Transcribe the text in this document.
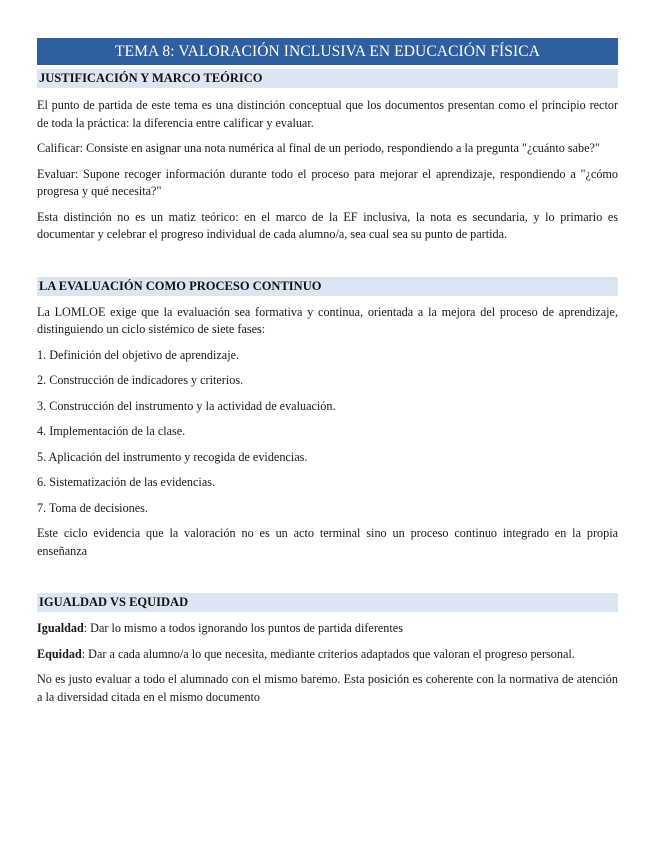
TEMA 8: VALORACIÓN INCLUSIVA EN EDUCACIÓN FÍSICA
JUSTIFICACIÓN Y MARCO TEÓRICO

El punto de partida de este tema es una distinción conceptual que los documentos presentan como el principio rector de toda la práctica: la diferencia entre calificar y evaluar.

Calificar: Consiste en asignar una nota numérica al final de un periodo, respondiendo a la pregunta "¿cuánto sabe?"

Evaluar: Supone recoger información durante todo el proceso para mejorar el aprendizaje, respondiendo a "¿cómo progresa y qué necesita?"

Esta distinción no es un matiz teórico: en el marco de la EF inclusiva, la nota es secundaria, y lo primario es documentar y celebrar el progreso individual de cada alumno/a, sea cual sea su punto de partida.

LA EVALUACIÓN COMO PROCESO CONTINUO

La LOMLOE exige que la evaluación sea formativa y continua, orientada a la mejora del proceso de aprendizaje, distinguiendo un ciclo sistémico de siete fases:

1. Definición del objetivo de aprendizaje.

2. Construcción de indicadores y criterios.

3. Construcción del instrumento y la actividad de evaluación.

4. Implementación de la clase.

5. Aplicación del instrumento y recogida de evidencias.

6. Sistematización de las evidencias.

7. Toma de decisiones.

Este ciclo evidencia que la valoración no es un acto terminal sino un proceso continuo integrado en la propia enseñanza

IGUALDAD VS EQUIDAD

Igualdad: Dar lo mismo a todos ignorando los puntos de partida diferentes

Equidad: Dar a cada alumno/a lo que necesita, mediante criterios adaptados que valoran el progreso personal.

No es justo evaluar a todo el alumnado con el mismo baremo. Esta posición es coherente con la normativa de atención a la diversidad citada en el mismo documento
